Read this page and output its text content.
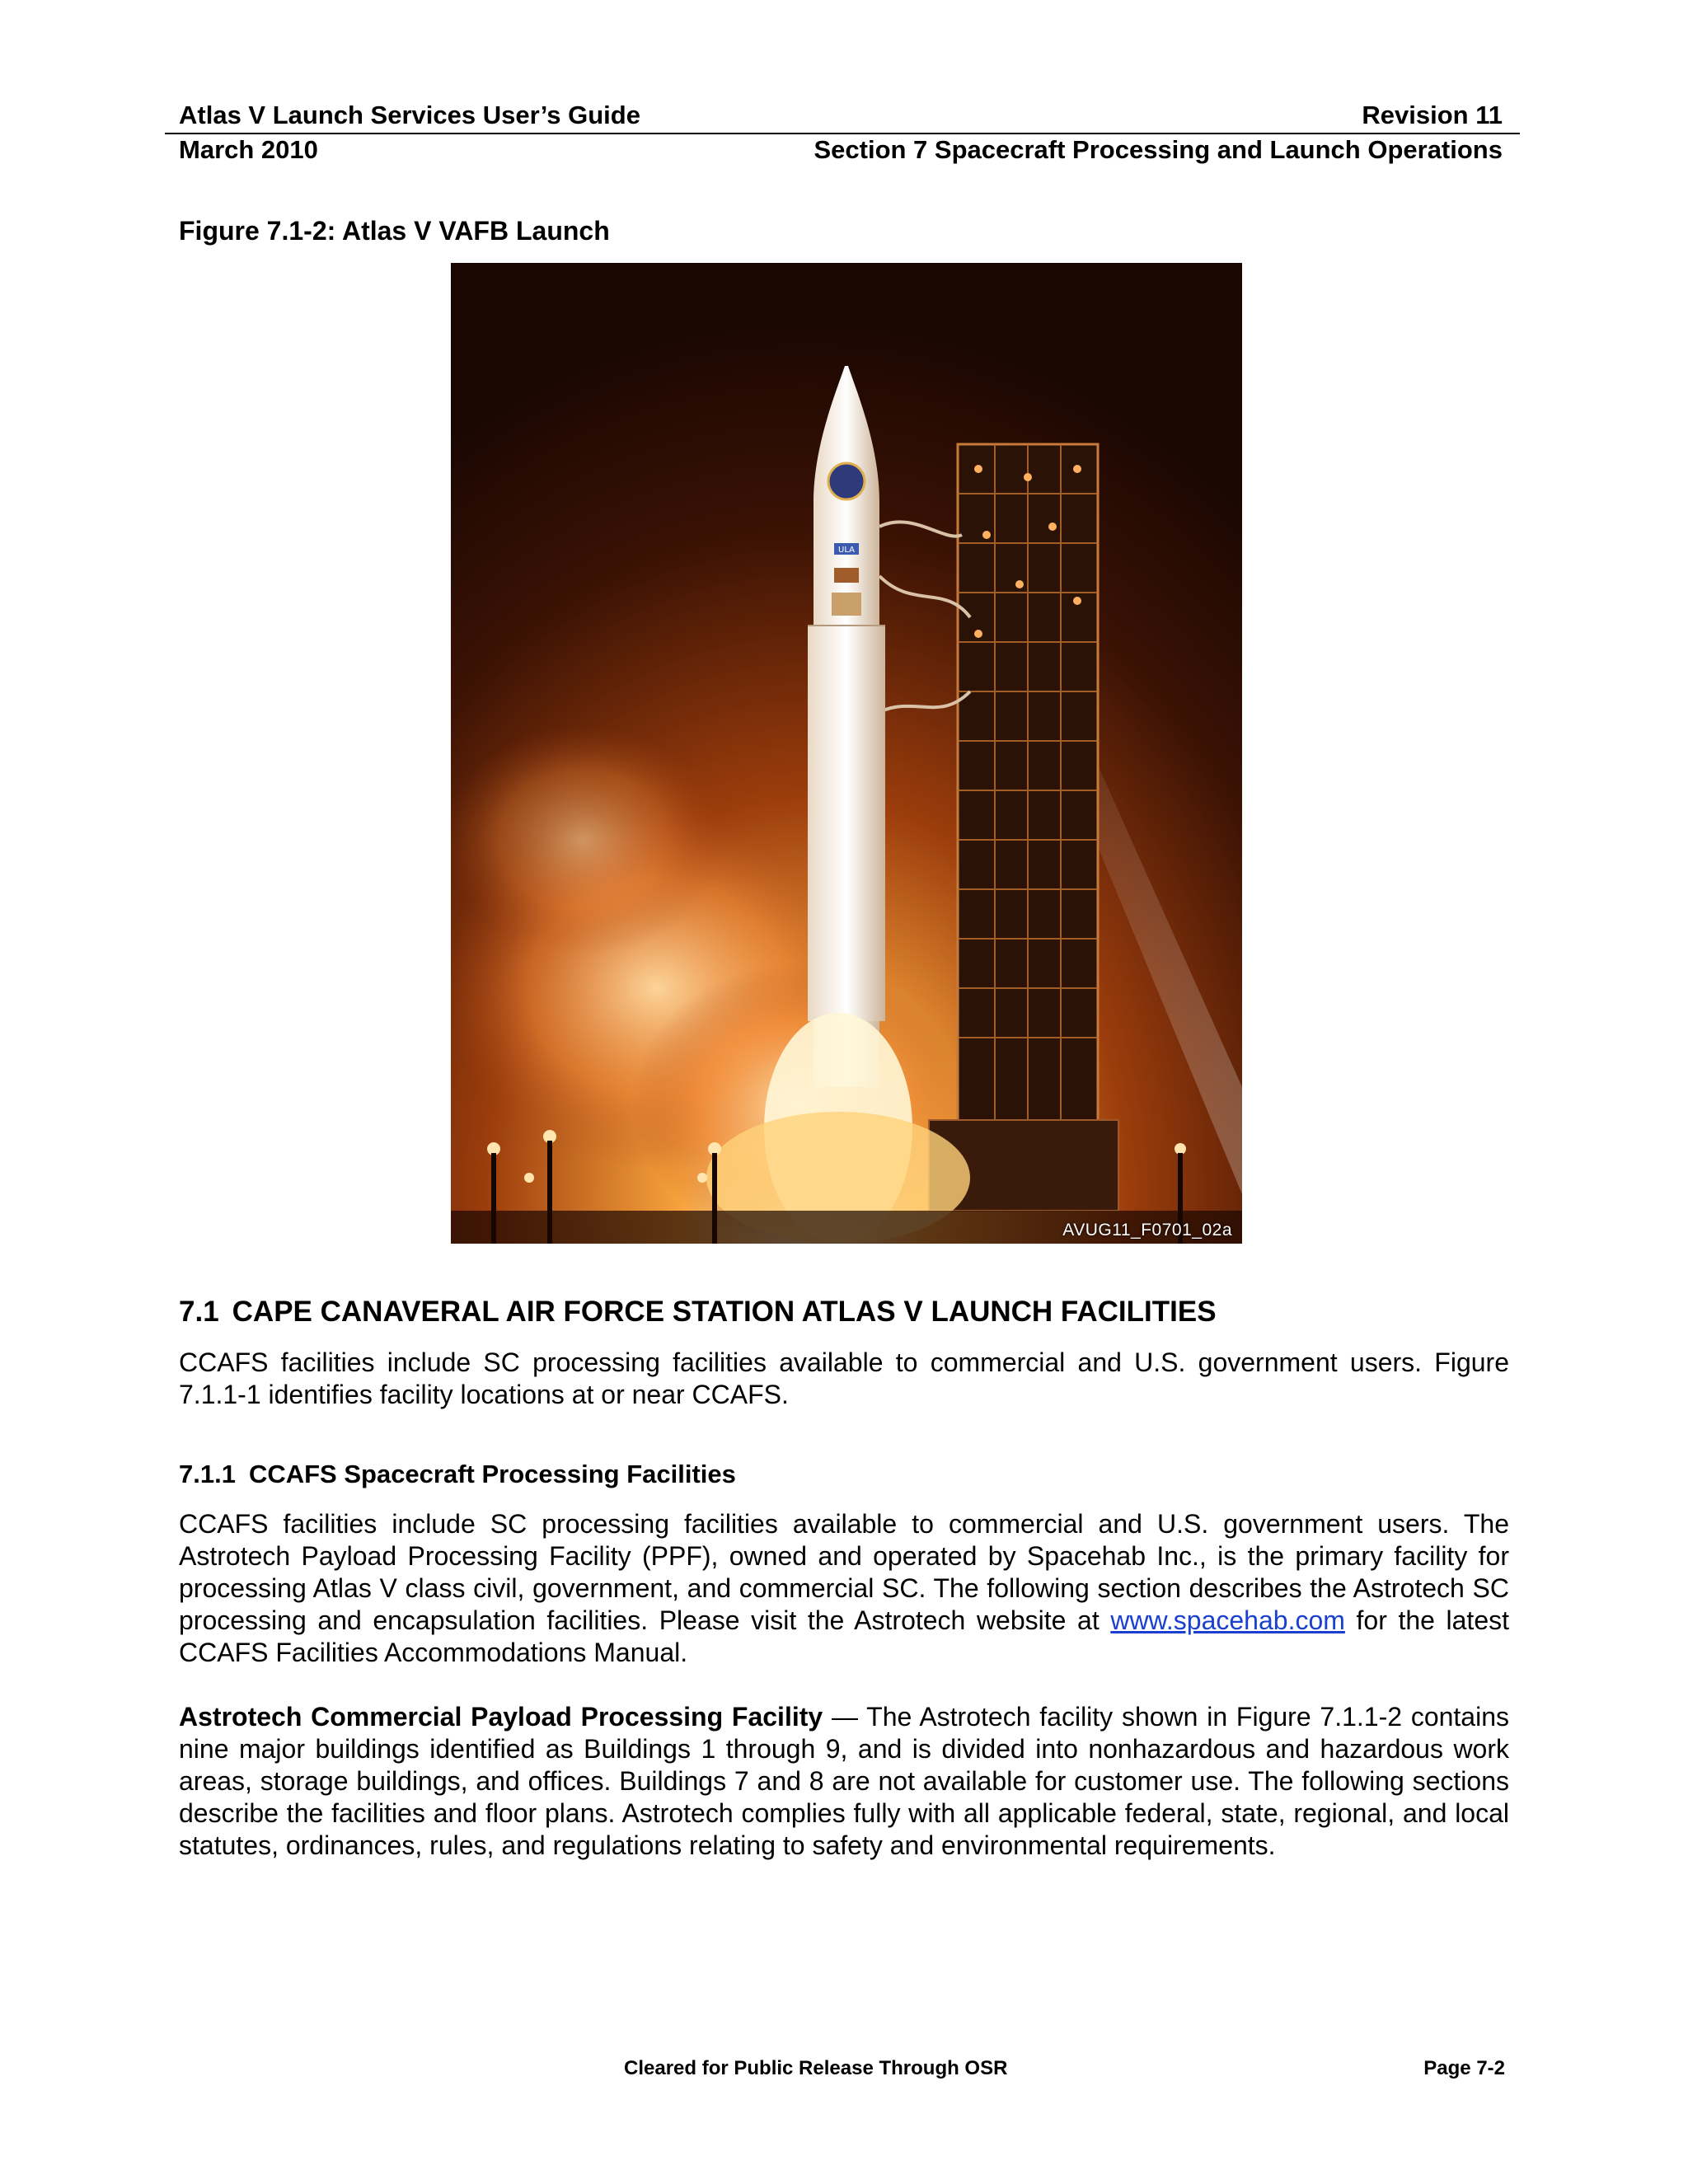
Atlas V Launch Services User’s Guide	Revision 11
March 2010	Section 7 Spacecraft Processing and Launch Operations
Figure 7.1-2: Atlas V VAFB Launch
ULA
AVUG11_F0701_02a
7.1 CAPE CANAVERAL AIR FORCE STATION ATLAS V LAUNCH FACILITIES
CCAFS facilities include SC processing facilities available to commercial and U.S. government users. Figure 7.1.1-1 identifies facility locations at or near CCAFS.
7.1.1 CCAFS Spacecraft Processing Facilities
CCAFS facilities include SC processing facilities available to commercial and U.S. government users. The Astrotech Payload Processing Facility (PPF), owned and operated by Spacehab Inc., is the primary facility for processing Atlas V class civil, government, and commercial SC. The following section describes the Astrotech SC processing and encapsulation facilities. Please visit the Astrotech website at www.spacehab.com for the latest CCAFS Facilities Accommodations Manual.
Astrotech Commercial Payload Processing Facility — The Astrotech facility shown in Figure 7.1.1-2 contains nine major buildings identified as Buildings 1 through 9, and is divided into nonhazardous and hazardous work areas, storage buildings, and offices. Buildings 7 and 8 are not available for customer use. The following sections describe the facilities and floor plans. Astrotech complies fully with all applicable federal, state, regional, and local statutes, ordinances, rules, and regulations relating to safety and environmental requirements.
Cleared for Public Release Through OSR	Page 7-2
